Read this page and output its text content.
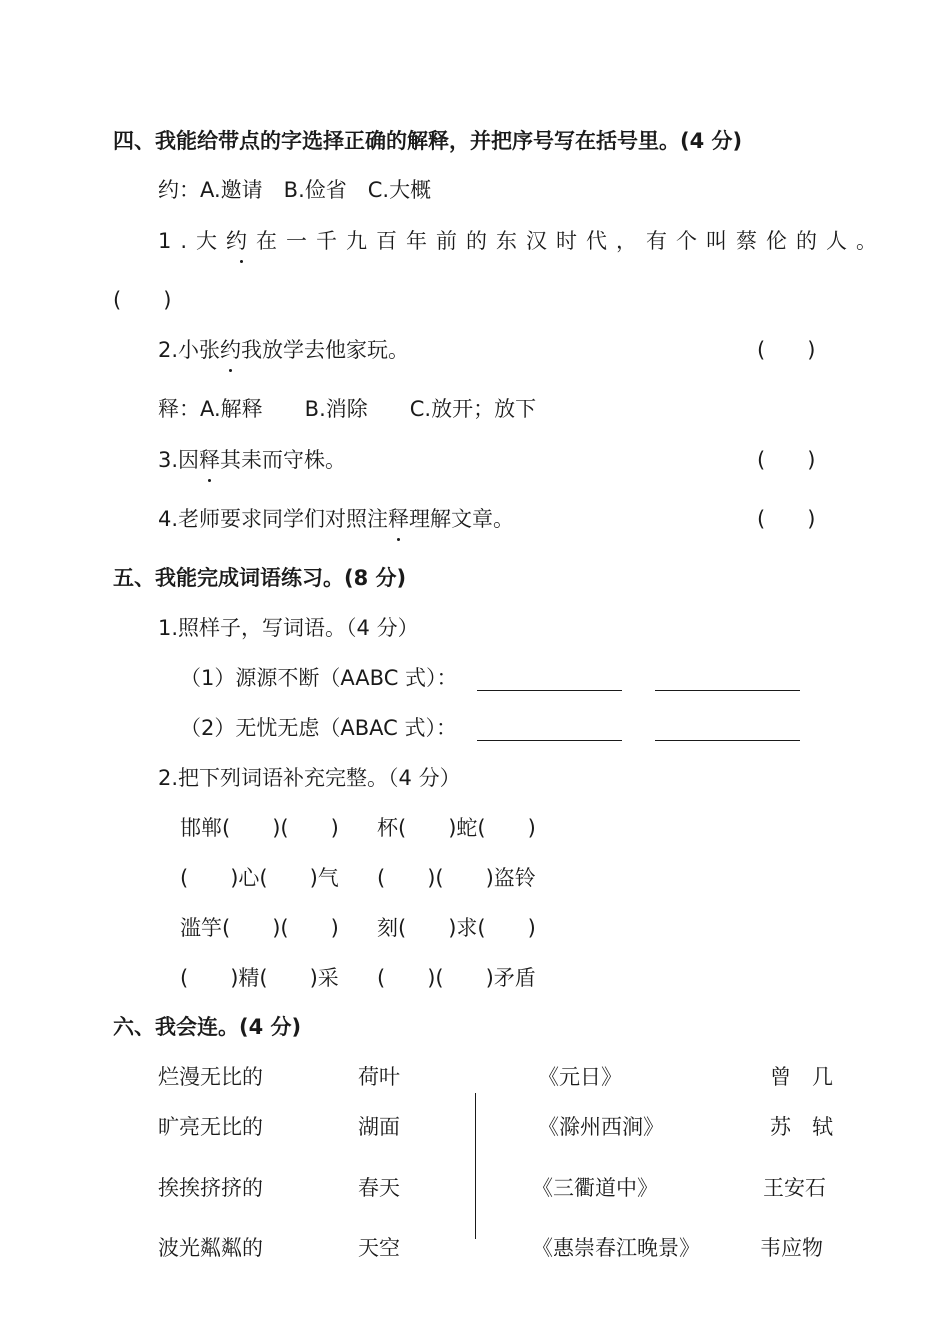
四、我能给带点的字选择正确的解释，并把序号写在括号里。(4 分)
约：A.邀请　B.俭省　C.大概
1.大约在一千九百年前的东汉时代，有个叫蔡伦的人。
(　　)
2.小张约我放学去他家玩。	(　　)
释：A.解释　　B.消除　　C.放开；放下
3.因释其耒而守株。	(　　)
4.老师要求同学们对照注释理解文章。	(　　)
五、我能完成词语练习。(8 分)
1.照样子，写词语。（4 分）
（1）源源不断（AABC 式）：
（2）无忧无虑（ABAC 式）：
2.把下列词语补充完整。（4 分）
邯郸(　　)(　　) 杯(　　)蛇(　　)
(　　)心(　　)气 (　　)(　　)盗铃
滥竽(　　)(　　) 刻(　　)求(　　)
(　　)精(　　)采 (　　)(　　)矛盾
六、我会连。(4 分)
烂漫无比的	荷叶	《元日》	曾　几
旷亮无比的	湖面	《滁州西涧》	苏　轼
挨挨挤挤的	春天	《三衢道中》	王安石
波光粼粼的	天空	《惠崇春江晚景》	韦应物
